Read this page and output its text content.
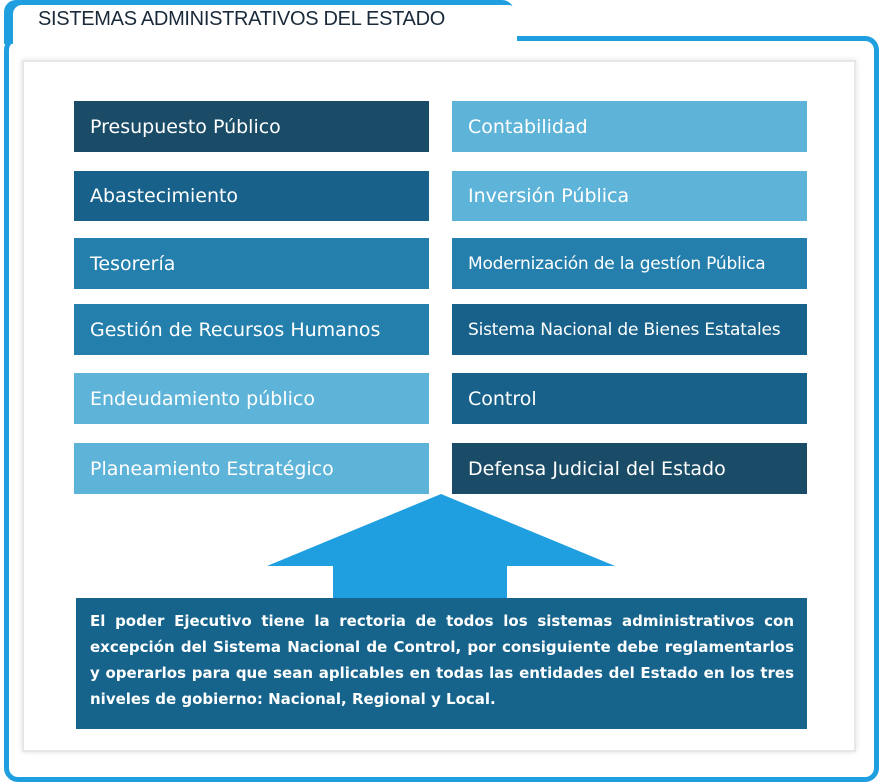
SISTEMAS ADMINISTRATIVOS DEL ESTADO
Presupuesto Público
Abastecimiento
Tesorería
Gestión de Recursos Humanos
Endeudamiento público
Planeamiento Estratégico
Contabilidad
Inversión Pública
Modernización de la gestíon Pública
Sistema Nacional de Bienes Estatales
Control
Defensa Judicial del Estado
El poder Ejecutivo tiene la rectoria de todos los sistemas administrativos con excepción del Sistema Nacional de Control, por consiguiente debe reglamentarlos y operarlos para que sean aplicables en todas las entidades del Estado en los tres niveles de gobierno: Nacional, Regional y Local.
